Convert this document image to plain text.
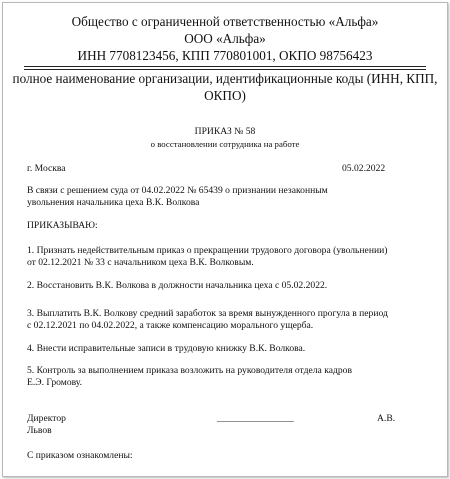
Общество с ограниченной ответственностью «Альфа»
ООО «Альфа»
ИНН 7708123456, КПП 770801001, ОКПО 98756423
полное наименование организации, идентификационные коды (ИНН, КПП,
ОКПО)
ПРИКАЗ № 58
о восстановлении сотрудника на работе
г. Москва	05.02.2022
В связи с решением суда от 04.02.2022 № 65439 о признании незаконным
увольнения начальника цеха В.К. Волкова
ПРИКАЗЫВАЮ:
1. Признать недействительным приказ о прекращении трудового договора (увольнении)
от 02.12.2021 № 33 с начальником цеха В.К. Волковым.
2. Восстановить В.К. Волкова в должности начальника цеха с 05.02.2022.
3. Выплатить В.К. Волкову средний заработок за время вынужденного прогула в период
с 02.12.2021 по 04.02.2022, а также компенсацию морального ущерба.
4. Внести исправительные записи в трудовую книжку В.К. Волкова.
5. Контроль за выполнением приказа возложить на руководителя отдела кадров
Е.Э. Громову.
Директор	________________	А.В.
Львов
С приказом ознакомлены:
